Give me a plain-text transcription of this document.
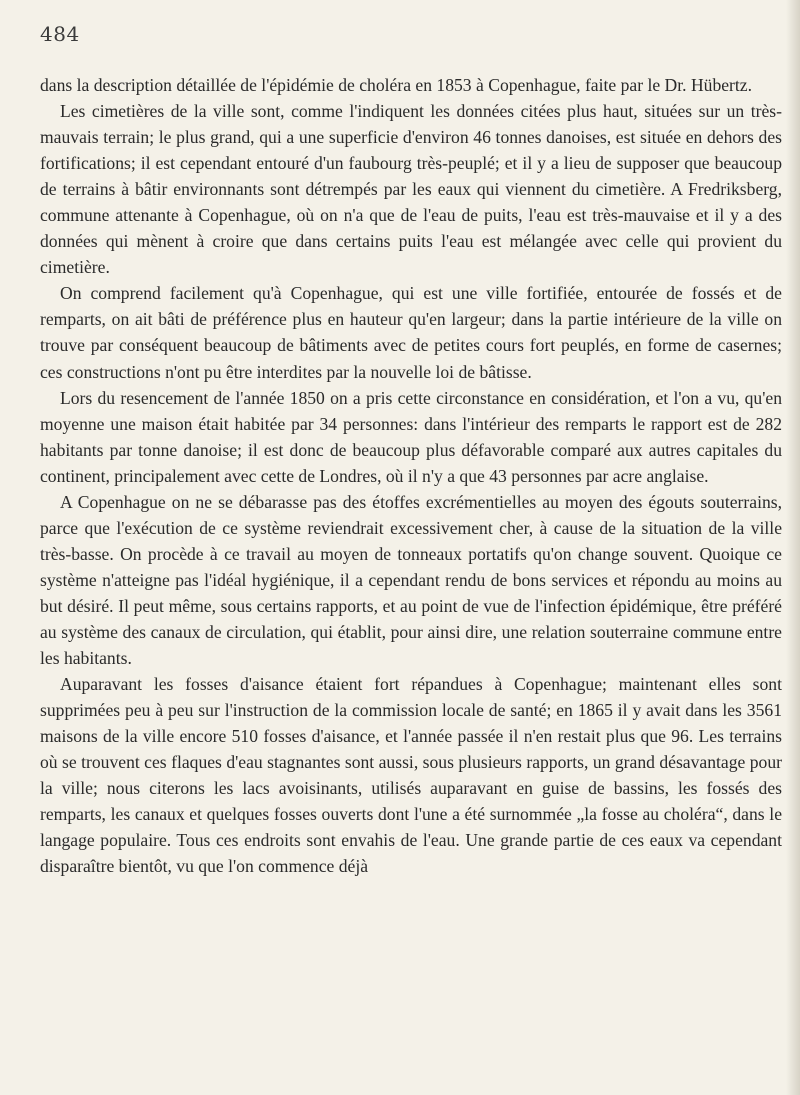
484

dans la description détaillée de l'épidémie de choléra en 1853 à Copenhague, faite par le Dr. Hübertz.

Les cimetières de la ville sont, comme l'indiquent les données citées plus haut, situées sur un très-mauvais terrain; le plus grand, qui a une superficie d'environ 46 tonnes danoises, est située en dehors des fortifications; il est cependant entouré d'un faubourg très-peuplé; et il y a lieu de supposer que beaucoup de terrains à bâtir environnants sont détrempés par les eaux qui viennent du cimetière. A Fredriksberg, commune attenante à Copenhague, où on n'a que de l'eau de puits, l'eau est très-mauvaise et il y a des données qui mènent à croire que dans certains puits l'eau est mélangée avec celle qui provient du cimetière.

On comprend facilement qu'à Copenhague, qui est une ville fortifiée, entourée de fossés et de remparts, on ait bâti de préférence plus en hauteur qu'en largeur; dans la partie intérieure de la ville on trouve par conséquent beaucoup de bâtiments avec de petites cours fort peuplés, en forme de casernes; ces constructions n'ont pu être interdites par la nouvelle loi de bâtisse.

Lors du resencement de l'année 1850 on a pris cette circonstance en considération, et l'on a vu, qu'en moyenne une maison était habitée par 34 personnes: dans l'intérieur des remparts le rapport est de 282 habitants par tonne danoise; il est donc de beaucoup plus défavorable comparé aux autres capitales du continent, principalement avec cette de Londres, où il n'y a que 43 personnes par acre anglaise.

A Copenhague on ne se débarasse pas des étoffes excrémentielles au moyen des égouts souterrains, parce que l'exécution de ce système reviendrait excessivement cher, à cause de la situation de la ville très-basse. On procède à ce travail au moyen de tonneaux portatifs qu'on change souvent. Quoique ce système n'atteigne pas l'idéal hygiénique, il a cependant rendu de bons services et répondu au moins au but désiré. Il peut même, sous certains rapports, et au point de vue de l'infection épidémique, être préféré au système des canaux de circulation, qui établit, pour ainsi dire, une relation souterraine commune entre les habitants.

Auparavant les fosses d'aisance étaient fort répandues à Copenhague; maintenant elles sont supprimées peu à peu sur l'instruction de la commission locale de santé; en 1865 il y avait dans les 3561 maisons de la ville encore 510 fosses d'aisance, et l'année passée il n'en restait plus que 96. Les terrains où se trouvent ces flaques d'eau stagnantes sont aussi, sous plusieurs rapports, un grand désavantage pour la ville; nous citerons les lacs avoisinants, utilisés auparavant en guise de bassins, les fossés des remparts, les canaux et quelques fosses ouverts dont l'une a été surnommée „la fosse au choléra“, dans le langage populaire. Tous ces endroits sont envahis de l'eau. Une grande partie de ces eaux va cependant disparaître bientôt, vu que l'on commence déjà
